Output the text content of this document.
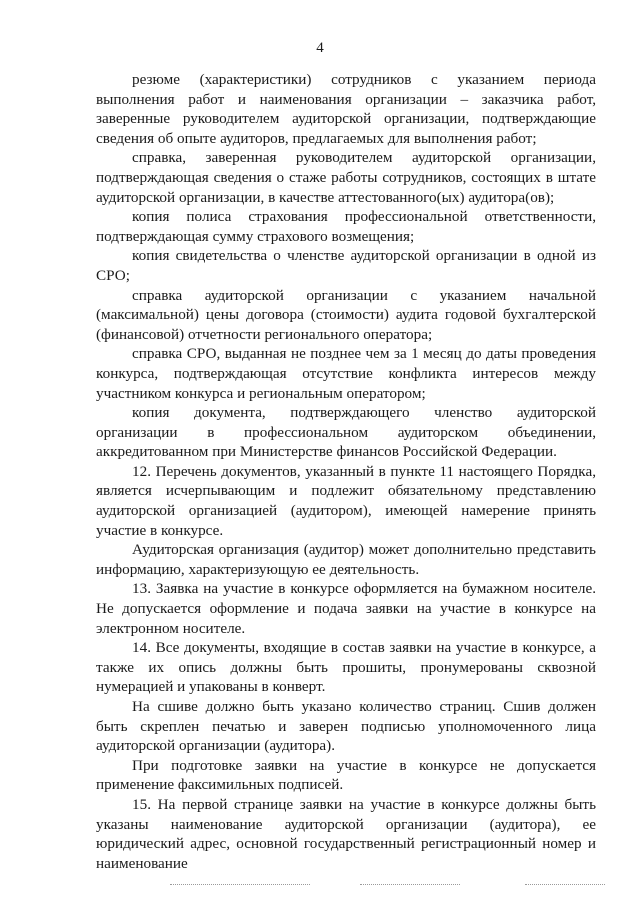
4

резюме (характеристики) сотрудников с указанием периода выполнения работ и наименования организации – заказчика работ, заверенные руководителем аудиторской организации, подтверждающие сведения об опыте аудиторов, предлагаемых для выполнения работ;

справка, заверенная руководителем аудиторской организации, подтверждающая сведения о стаже работы сотрудников, состоящих в штате аудиторской организации, в качестве аттестованного(ых) аудитора(ов);

копия полиса страхования профессиональной ответственности, подтверждающая сумму страхового возмещения;

копия свидетельства о членстве аудиторской организации в одной из СРО;

справка аудиторской организации с указанием начальной (максимальной) цены договора (стоимости) аудита годовой бухгалтерской (финансовой) отчетности регионального оператора;

справка СРО, выданная не позднее чем за 1 месяц до даты проведения конкурса, подтверждающая отсутствие конфликта интересов между участником конкурса и региональным оператором;

копия документа, подтверждающего членство аудиторской организации в профессиональном аудиторском объединении, аккредитованном при Министерстве финансов Российской Федерации.

12. Перечень документов, указанный в пункте 11 настоящего Порядка, является исчерпывающим и подлежит обязательному представлению аудиторской организацией (аудитором), имеющей намерение принять участие в конкурсе.

Аудиторская организация (аудитор) может дополнительно представить информацию, характеризующую ее деятельность.

13. Заявка на участие в конкурсе оформляется на бумажном носителе. Не допускается оформление и подача заявки на участие в конкурсе на электронном носителе.

14. Все документы, входящие в состав заявки на участие в конкурсе, а также их опись должны быть прошиты, пронумерованы сквозной нумерацией и упакованы в конверт.

На сшиве должно быть указано количество страниц. Сшив должен быть скреплен печатью и заверен подписью уполномоченного лица аудиторской организации (аудитора).

При подготовке заявки на участие в конкурсе не допускается применение факсимильных подписей.

15. На первой странице заявки на участие в конкурсе должны быть указаны наименование аудиторской организации (аудитора), ее юридический адрес, основной государственный регистрационный номер и наименование
